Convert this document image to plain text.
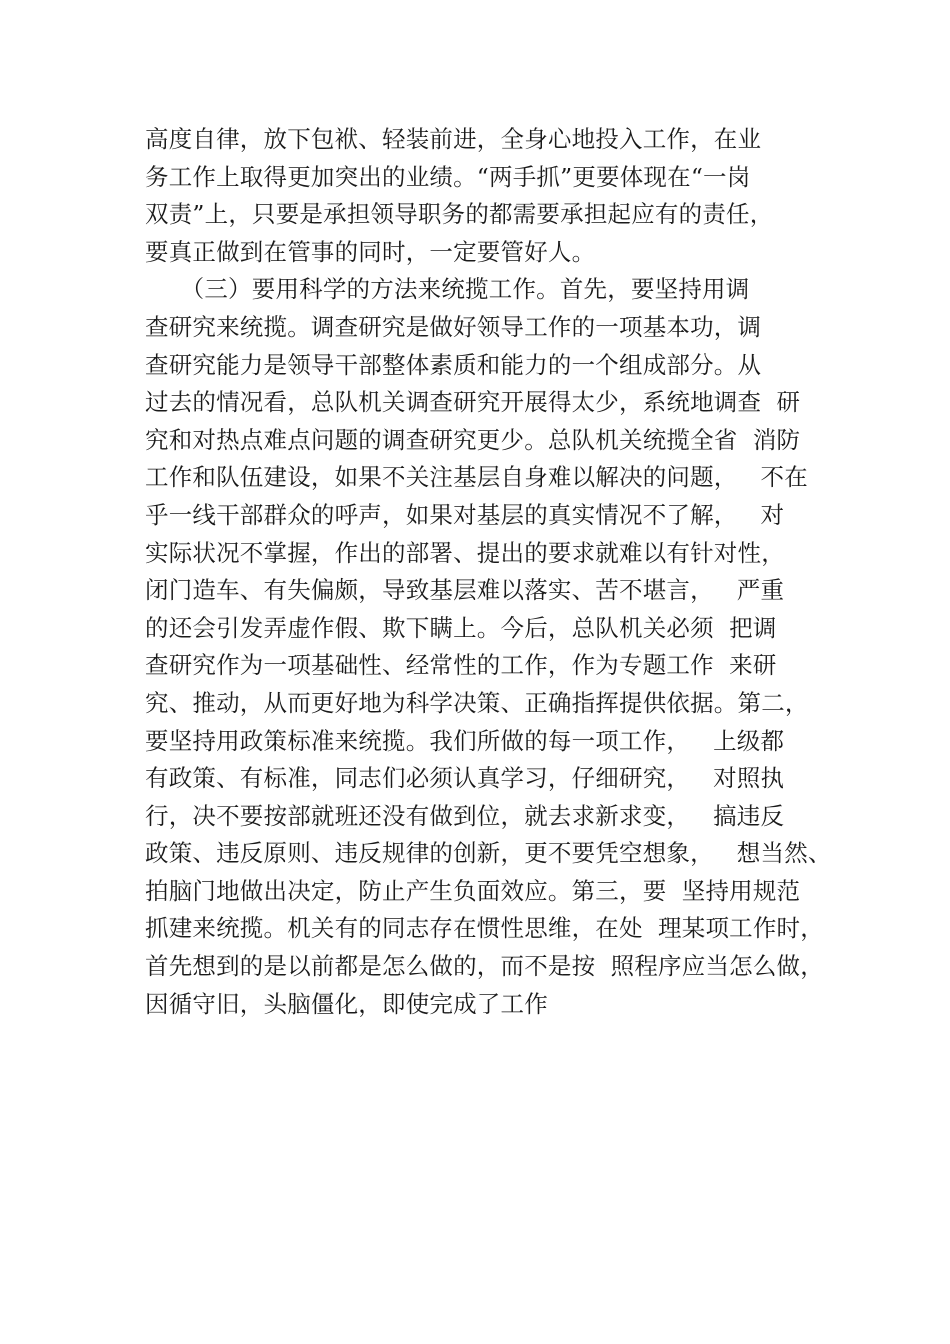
高度自律，放下包袱、轻装前进，全身心地投入工作，在业
务工作上取得更加突出的业绩。“两手抓”更要体现在“一岗
双责”上，只要是承担领导职务的都需要承担起应有的责任，
要真正做到在管事的同时，一定要管好人。
　　（三）要用科学的方法来统揽工作。首先，要坚持用调
查研究来统揽。调查研究是做好领导工作的一项基本功，调
查研究能力是领导干部整体素质和能力的一个组成部分。从
过去的情况看，总队机关调查研究开展得太少，系统地调查  研
究和对热点难点问题的调查研究更少。总队机关统揽全省  消防
工作和队伍建设，如果不关注基层自身难以解决的问题，   不在
乎一线干部群众的呼声，如果对基层的真实情况不了解，   对
实际状况不掌握，作出的部署、提出的要求就难以有针对性，
闭门造车、有失偏颇，导致基层难以落实、苦不堪言，   严重
的还会引发弄虚作假、欺下瞒上。今后，总队机关必须  把调
查研究作为一项基础性、经常性的工作，作为专题工作  来研
究、推动，从而更好地为科学决策、正确指挥提供依据。第二，
要坚持用政策标准来统揽。我们所做的每一项工作，   上级都
有政策、有标准，同志们必须认真学习，仔细研究，   对照执
行，决不要按部就班还没有做到位，就去求新求变，   搞违反
政策、违反原则、违反规律的创新，更不要凭空想象，   想当然、
拍脑门地做出决定，防止产生负面效应。第三，要  坚持用规范
抓建来统揽。机关有的同志存在惯性思维，在处  理某项工作时，
首先想到的是以前都是怎么做的，而不是按  照程序应当怎么做，
因循守旧，头脑僵化，即使完成了工作
